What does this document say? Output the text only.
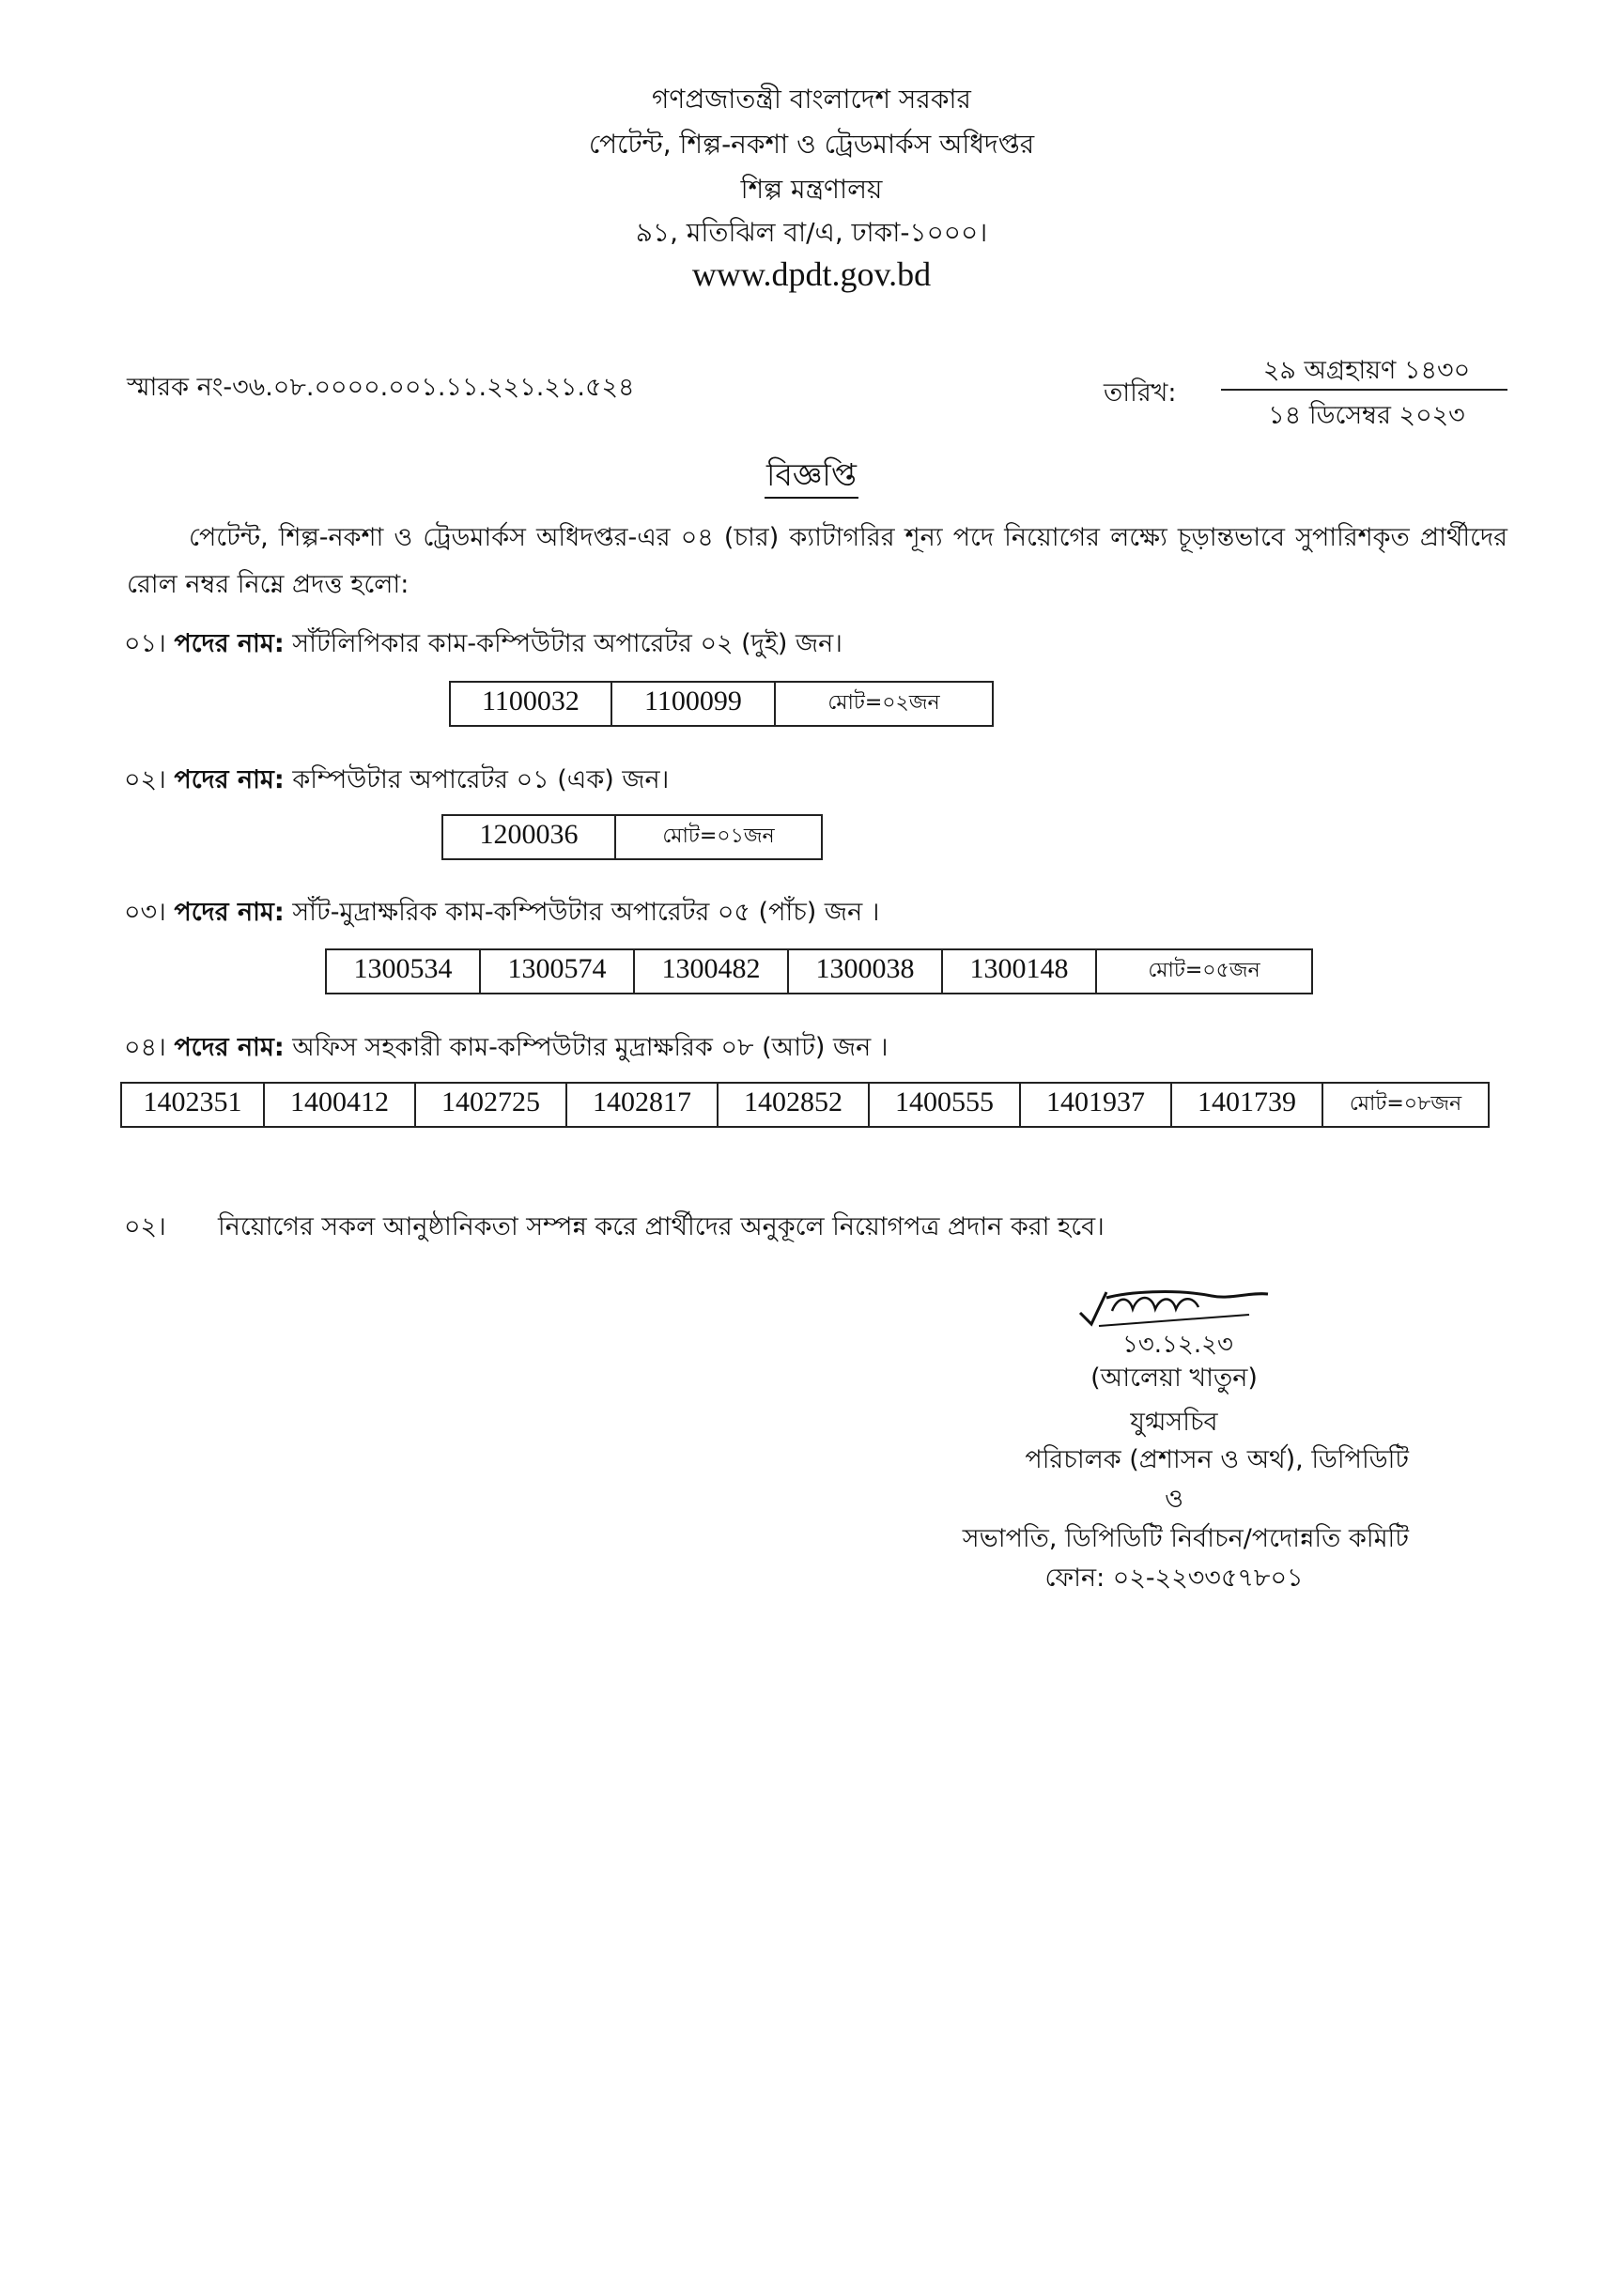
গণপ্রজাতন্ত্রী বাংলাদেশ সরকার
পেটেন্ট, শিল্প-নকশা ও ট্রেডমার্কস অধিদপ্তর
শিল্প মন্ত্রণালয়
৯১, মতিঝিল বা/এ, ঢাকা-১০০০।
www.dpdt.gov.bd
স্মারক নং-৩৬.০৮.০০০০.০০১.১১.২২১.২১.৫২৪	তারিখ:
২৯ অগ্রহায়ণ ১৪৩০
১৪ ডিসেম্বর ২০২৩
বিজ্ঞপ্তি
পেটেন্ট, শিল্প-নকশা ও ট্রেডমার্কস অধিদপ্তর-এর ০৪ (চার) ক্যাটাগরির শূন্য পদে নিয়োগের লক্ষ্যে চূড়ান্তভাবে সুপারিশকৃত প্রার্থীদের রোল নম্বর নিম্নে প্রদত্ত হলো:
০১। পদের নাম: সাঁটলিপিকার কাম-কম্পিউটার অপারেটর ০২ (দুই) জন।
1100032	1100099	মোট=০২জন
০২। পদের নাম: কম্পিউটার অপারেটর ০১ (এক) জন।
1200036	মোট=০১জন
০৩। পদের নাম: সাঁট-মুদ্রাক্ষরিক কাম-কম্পিউটার অপারেটর ০৫ (পাঁচ) জন ।
1300534	1300574	1300482	1300038	1300148	মোট=০৫জন
০৪। পদের নাম: অফিস সহকারী কাম-কম্পিউটার মুদ্রাক্ষরিক ০৮ (আট) জন ।
1402351	1400412	1402725	1402817	1402852	1400555	1401937	1401739	মোট=০৮জন
০২। নিয়োগের সকল আনুষ্ঠানিকতা সম্পন্ন করে প্রার্থীদের অনুকূলে নিয়োগপত্র প্রদান করা হবে।
১৩.১২.২৩
(আলেয়া খাতুন)
যুগ্মসচিব
পরিচালক (প্রশাসন ও অর্থ), ডিপিডিটি
ও
সভাপতি, ডিপিডিটি নির্বাচন/পদোন্নতি কমিটি
ফোন: ০২-২২৩৩৫৭৮০১
